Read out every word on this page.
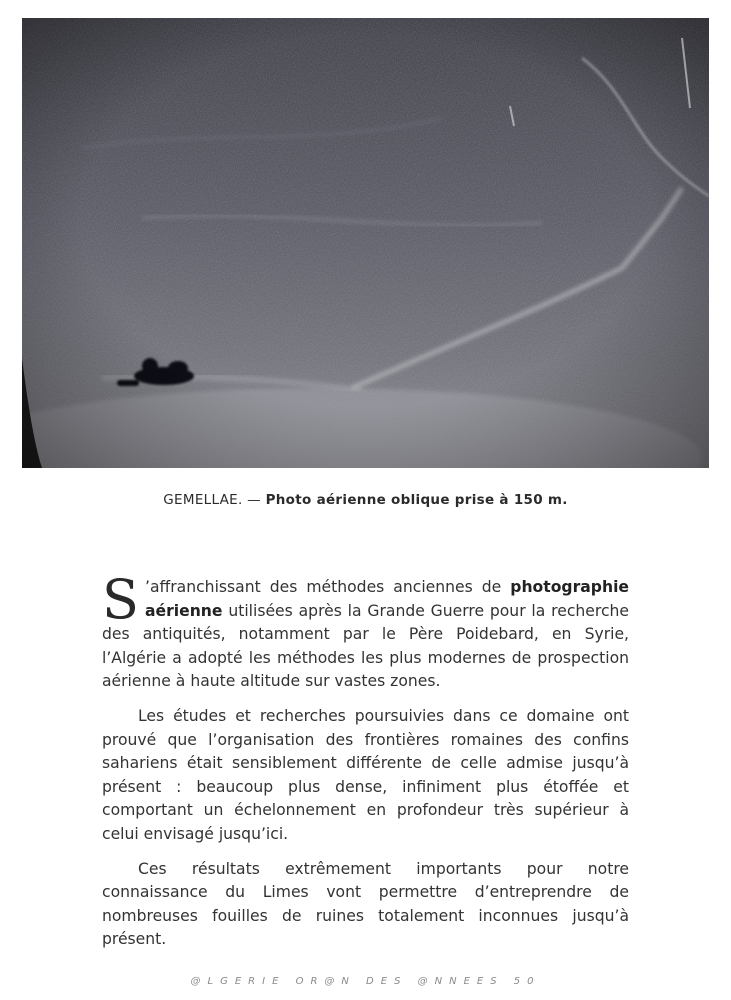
GEMELLAE. — Photo aérienne oblique prise à 150 m.

S ’affranchissant des méthodes anciennes de photographie aérienne utilisées après la Grande Guerre pour la recherche des antiquités, notamment par le Père Poidebard, en Syrie, l’Algérie a adopté les méthodes les plus modernes de prospection aérienne à haute altitude sur vastes zones.

Les études et recherches poursuivies dans ce domaine ont prouvé que l’organisation des frontières romaines des confins sahariens était sensiblement différente de celle admise jusqu’à présent : beaucoup plus dense, infiniment plus étoffée et comportant un échelonnement en profondeur très supérieur à celui envisagé jusqu’ici.

Ces résultats extrêmement importants pour notre connaissance du Limes vont permettre d’entreprendre de nombreuses fouilles de ruines totalement inconnues jusqu’à présent.

@LGERIE OR@N DES @NNEES 50
